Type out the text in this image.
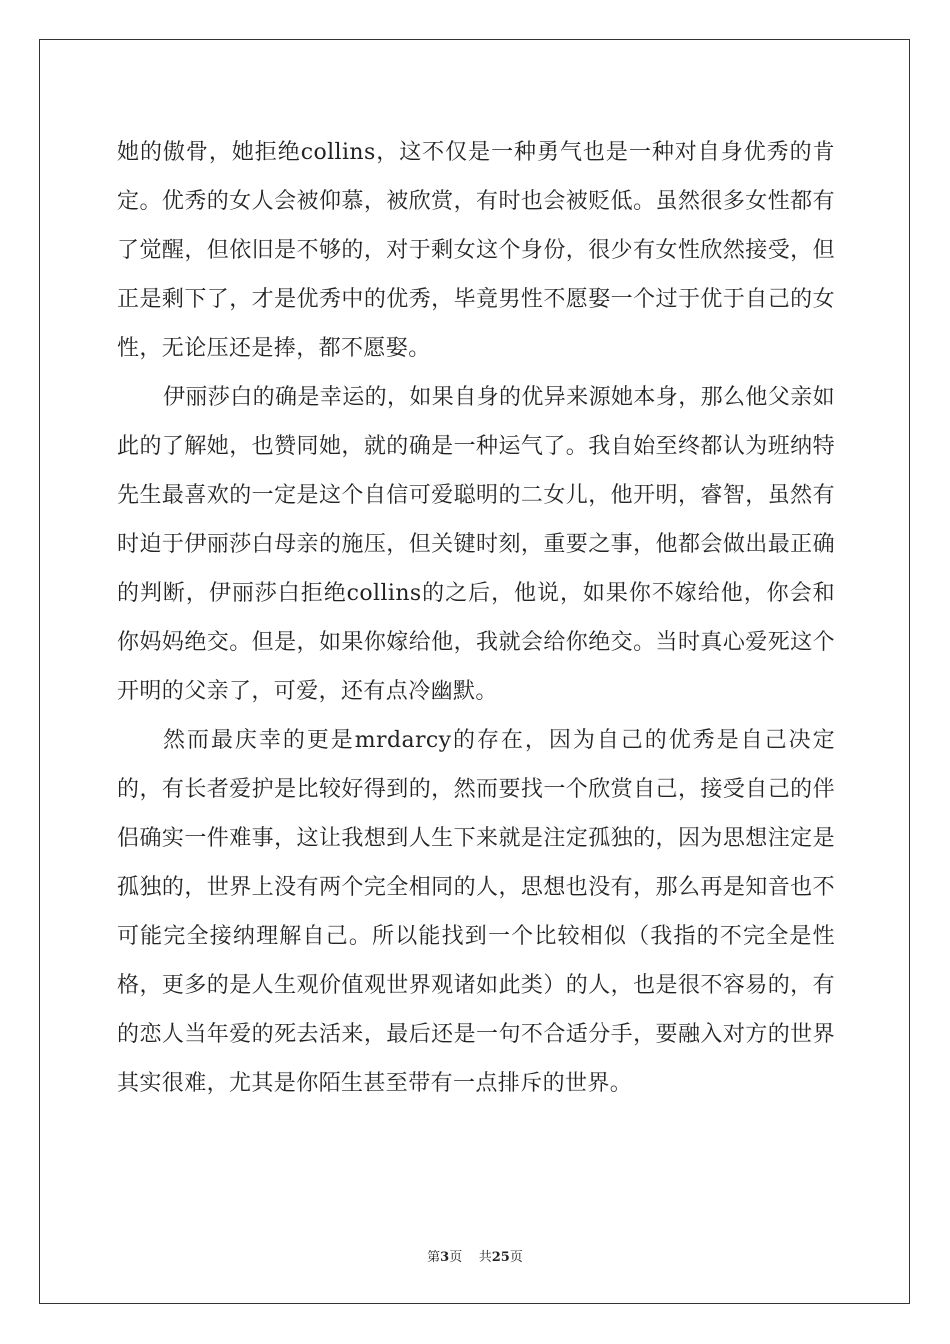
她的傲骨，她拒绝collins，这不仅是一种勇气也是一种对自身优秀的肯定。优秀的女人会被仰慕，被欣赏，有时也会被贬低。虽然很多女性都有了觉醒，但依旧是不够的，对于剩女这个身份，很少有女性欣然接受，但正是剩下了，才是优秀中的优秀，毕竟男性不愿娶一个过于优于自己的女性，无论压还是捧，都不愿娶。

伊丽莎白的确是幸运的，如果自身的优异来源她本身，那么他父亲如此的了解她，也赞同她，就的确是一种运气了。我自始至终都认为班纳特先生最喜欢的一定是这个自信可爱聪明的二女儿，他开明，睿智，虽然有时迫于伊丽莎白母亲的施压，但关键时刻，重要之事，他都会做出最正确的判断，伊丽莎白拒绝collins的之后，他说，如果你不嫁给他，你会和你妈妈绝交。但是，如果你嫁给他，我就会给你绝交。当时真心爱死这个开明的父亲了，可爱，还有点冷幽默。

然而最庆幸的更是mrdarcy的存在，因为自己的优秀是自己决定的，有长者爱护是比较好得到的，然而要找一个欣赏自己，接受自己的伴侣确实一件难事，这让我想到人生下来就是注定孤独的，因为思想注定是孤独的，世界上没有两个完全相同的人，思想也没有，那么再是知音也不可能完全接纳理解自己。所以能找到一个比较相似（我指的不完全是性格，更多的是人生观价值观世界观诸如此类）的人，也是很不容易的，有的恋人当年爱的死去活来，最后还是一句不合适分手，要融入对方的世界其实很难，尤其是你陌生甚至带有一点排斥的世界。

第3页 共25页
